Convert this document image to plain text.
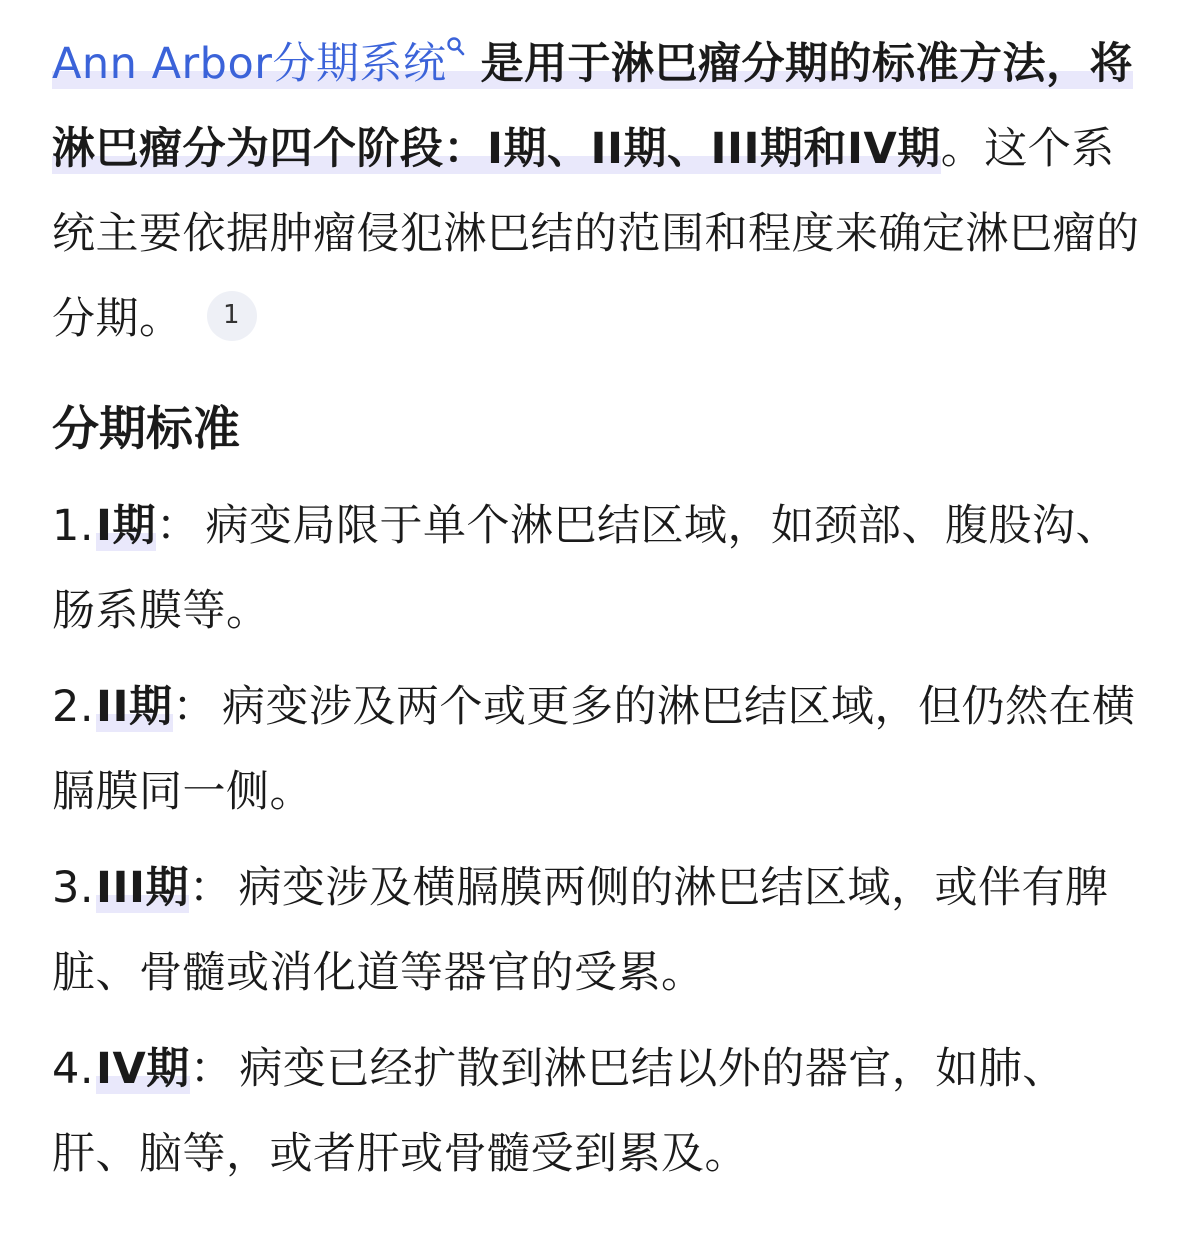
Ann Arbor分期系统 是用于淋巴瘤分期的标准方法，将淋巴瘤分为四个阶段：I期、II期、III期和IV期。这个系统主要依据肿瘤侵犯淋巴结的范围和程度来确定淋巴瘤的分期。 1

分期标准

1.I期： 病变局限于单个淋巴结区域，如颈部、腹股沟、肠系膜等。

2.II期： 病变涉及两个或更多的淋巴结区域，但仍然在横膈膜同一侧。

3.III期： 病变涉及横膈膜两侧的淋巴结区域，或伴有脾脏、骨髓或消化道等器官的受累。

4.IV期： 病变已经扩散到淋巴结以外的器官，如肺、肝、脑等，或者肝或骨髓受到累及。
